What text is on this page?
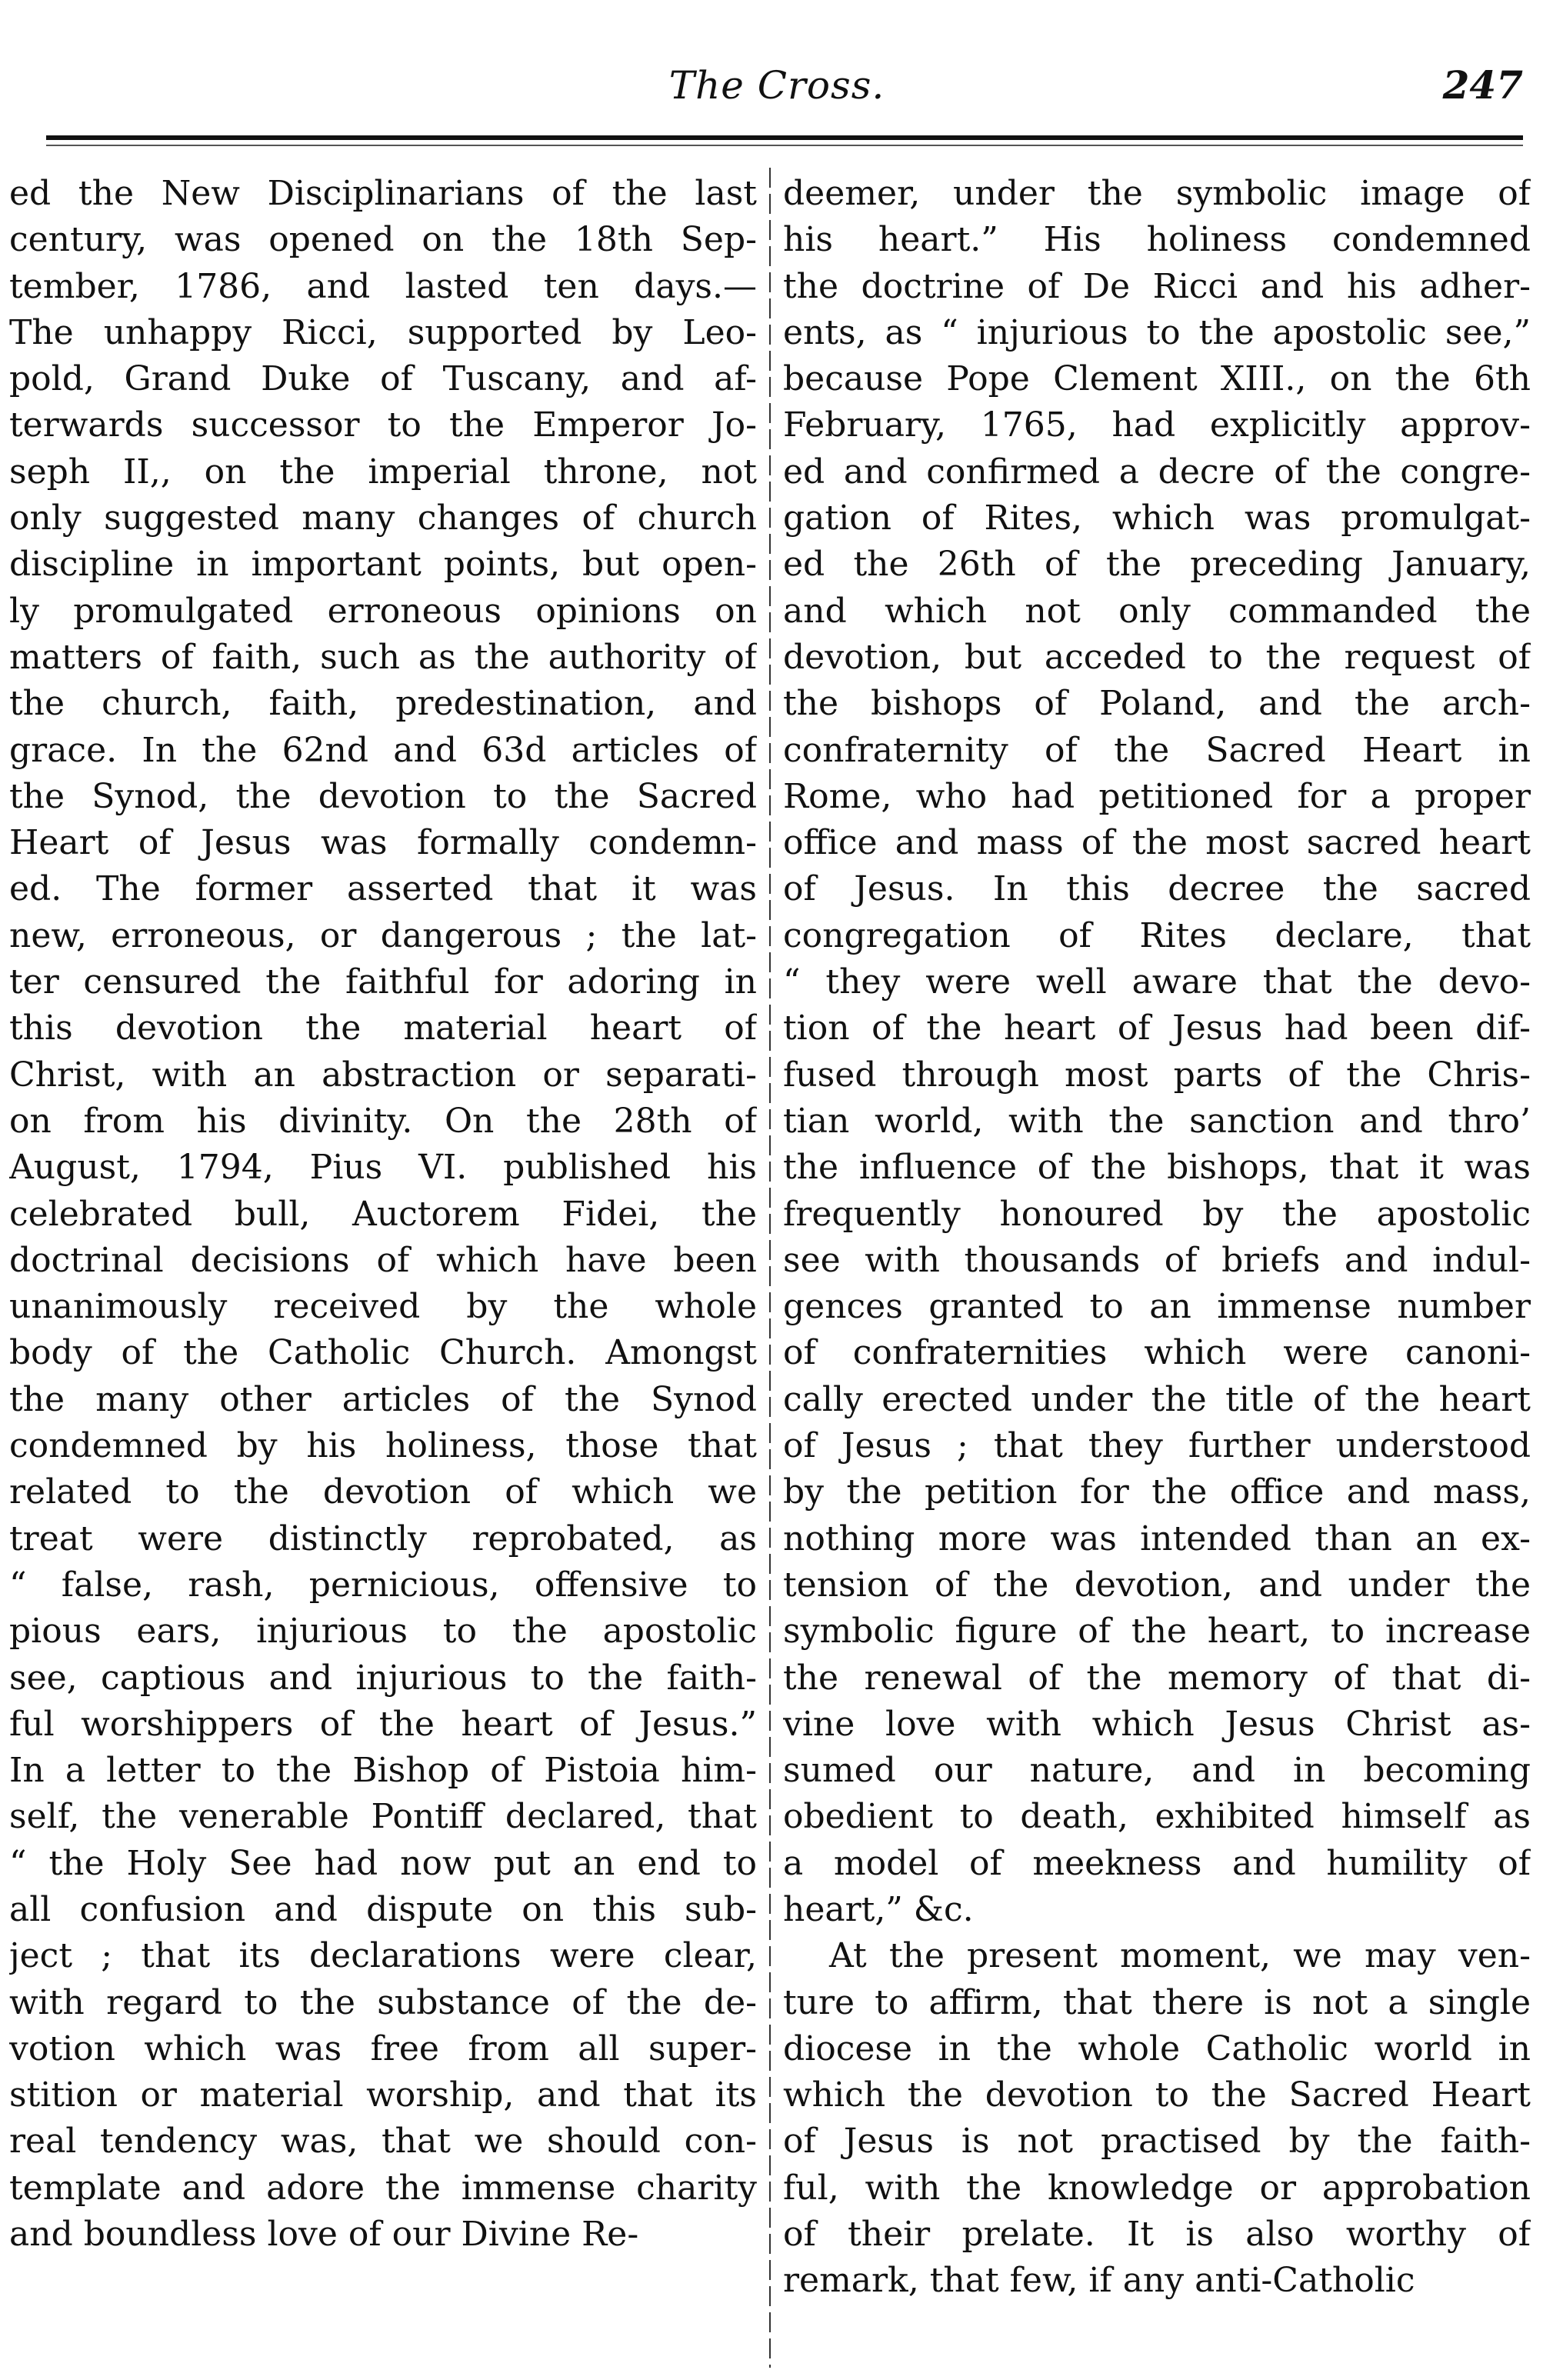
The Cross.	247
ed the New Disciplinarians of the last
century, was opened on the 18th Sep-
tember, 1786, and lasted ten days.—
The unhappy Ricci, supported by Leo-
pold, Grand Duke of Tuscany, and af-
terwards successor to the Emperor Jo-
seph II,, on the imperial throne, not
only suggested many changes of church
discipline in important points, but open-
ly promulgated erroneous opinions on
matters of faith, such as the authority of
the church, faith, predestination, and
grace. In the 62nd and 63d articles of
the Synod, the devotion to the Sacred
Heart of Jesus was formally condemn-
ed. The former asserted that it was
new, erroneous, or dangerous ; the lat-
ter censured the faithful for adoring in
this devotion the material heart of
Christ, with an abstraction or separati-
on from his divinity. On the 28th of
August, 1794, Pius VI. published his
celebrated bull, Auctorem Fidei, the
doctrinal decisions of which have been
unanimously received by the whole
body of the Catholic Church. Amongst
the many other articles of the Synod
condemned by his holiness, those that
related to the devotion of which we
treat were distinctly reprobated, as
“ false, rash, pernicious, offensive to
pious ears, injurious to the apostolic
see, captious and injurious to the faith-
ful worshippers of the heart of Jesus.”
In a letter to the Bishop of Pistoia him-
self, the venerable Pontiff declared, that
“ the Holy See had now put an end to
all confusion and dispute on this sub-
ject ; that its declarations were clear,
with regard to the substance of the de-
votion which was free from all super-
stition or material worship, and that its
real tendency was, that we should con-
template and adore the immense charity
and boundless love of our Divine Re-
deemer, under the symbolic image of
his heart.” His holiness condemned
the doctrine of De Ricci and his adher-
ents, as “ injurious to the apostolic see,”
because Pope Clement XIII., on the 6th
February, 1765, had explicitly approv-
ed and confirmed a decre of the congre-
gation of Rites, which was promulgat-
ed the 26th of the preceding January,
and which not only commanded the
devotion, but acceded to the request of
the bishops of Poland, and the arch-
confraternity of the Sacred Heart in
Rome, who had petitioned for a proper
office and mass of the most sacred heart
of Jesus. In this decree the sacred
congregation of Rites declare, that
“ they were well aware that the devo-
tion of the heart of Jesus had been dif-
fused through most parts of the Chris-
tian world, with the sanction and thro’
the influence of the bishops, that it was
frequently honoured by the apostolic
see with thousands of briefs and indul-
gences granted to an immense number
of confraternities which were canoni-
cally erected under the title of the heart
of Jesus ; that they further understood
by the petition for the office and mass,
nothing more was intended than an ex-
tension of the devotion, and under the
symbolic figure of the heart, to increase
the renewal of the memory of that di-
vine love with which Jesus Christ as-
sumed our nature, and in becoming
obedient to death, exhibited himself as
a model of meekness and humility of
heart,” &c.
At the present moment, we may ven-
ture to affirm, that there is not a single
diocese in the whole Catholic world in
which the devotion to the Sacred Heart
of Jesus is not practised by the faith-
ful, with the knowledge or approbation
of their prelate. It is also worthy of
remark, that few, if any anti-Catholic
